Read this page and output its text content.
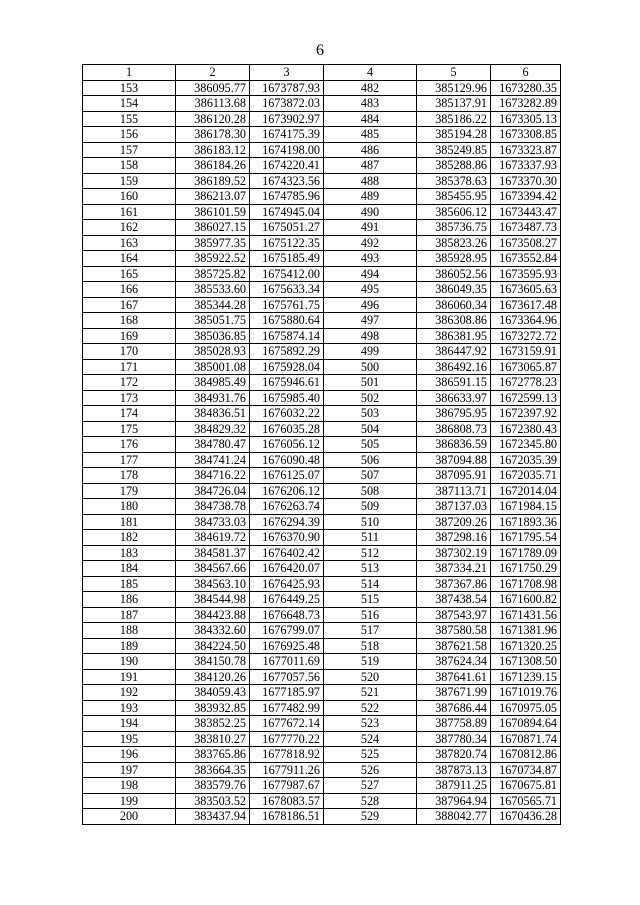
6
1	2	3	4	5	6
153	386095.77	1673787.93	482	385129.96	1673280.35
154	386113.68	1673872.03	483	385137.91	1673282.89
155	386120.28	1673902.97	484	385186.22	1673305.13
156	386178.30	1674175.39	485	385194.28	1673308.85
157	386183.12	1674198.00	486	385249.85	1673323.87
158	386184.26	1674220.41	487	385288.86	1673337.93
159	386189.52	1674323.56	488	385378.63	1673370.30
160	386213.07	1674785.96	489	385455.95	1673394.42
161	386101.59	1674945.04	490	385606.12	1673443.47
162	386027.15	1675051.27	491	385736.75	1673487.73
163	385977.35	1675122.35	492	385823.26	1673508.27
164	385922.52	1675185.49	493	385928.95	1673552.84
165	385725.82	1675412.00	494	386052.56	1673595.93
166	385533.60	1675633.34	495	386049.35	1673605.63
167	385344.28	1675761.75	496	386060.34	1673617.48
168	385051.75	1675880.64	497	386308.86	1673364.96
169	385036.85	1675874.14	498	386381.95	1673272.72
170	385028.93	1675892.29	499	386447.92	1673159.91
171	385001.08	1675928.04	500	386492.16	1673065.87
172	384985.49	1675946.61	501	386591.15	1672778.23
173	384931.76	1675985.40	502	386633.97	1672599.13
174	384836.51	1676032.22	503	386795.95	1672397.92
175	384829.32	1676035.28	504	386808.73	1672380.43
176	384780.47	1676056.12	505	386836.59	1672345.80
177	384741.24	1676090.48	506	387094.88	1672035.39
178	384716.22	1676125.07	507	387095.91	1672035.71
179	384726.04	1676206.12	508	387113.71	1672014.04
180	384738.78	1676263.74	509	387137.03	1671984.15
181	384733.03	1676294.39	510	387209.26	1671893.36
182	384619.72	1676370.90	511	387298.16	1671795.54
183	384581.37	1676402.42	512	387302.19	1671789.09
184	384567.66	1676420.07	513	387334.21	1671750.29
185	384563.10	1676425.93	514	387367.86	1671708.98
186	384544.98	1676449.25	515	387438.54	1671600.82
187	384423.88	1676648.73	516	387543.97	1671431.56
188	384332.60	1676799.07	517	387580.58	1671381.96
189	384224.50	1676925.48	518	387621.58	1671320.25
190	384150.78	1677011.69	519	387624.34	1671308.50
191	384120.26	1677057.56	520	387641.61	1671239.15
192	384059.43	1677185.97	521	387671.99	1671019.76
193	383932.85	1677482.99	522	387686.44	1670975.05
194	383852.25	1677672.14	523	387758.89	1670894.64
195	383810.27	1677770.22	524	387780.34	1670871.74
196	383765.86	1677818.92	525	387820.74	1670812.86
197	383664.35	1677911.26	526	387873.13	1670734.87
198	383579.76	1677987.67	527	387911.25	1670675.81
199	383503.52	1678083.57	528	387964.94	1670565.71
200	383437.94	1678186.51	529	388042.77	1670436.28
